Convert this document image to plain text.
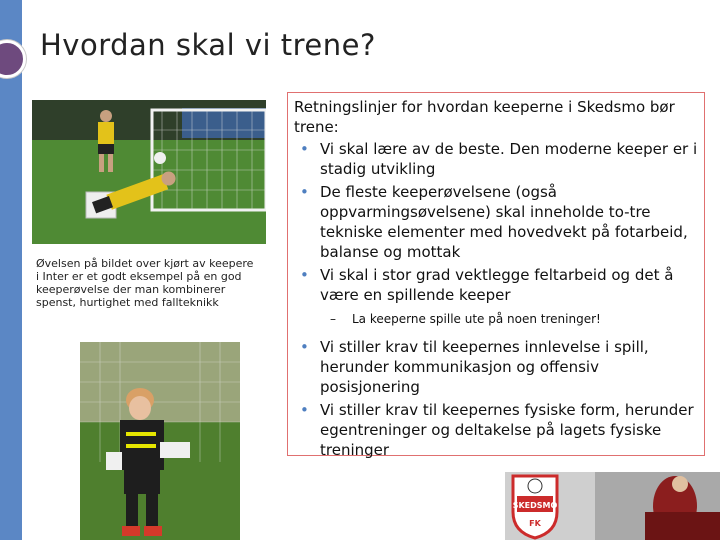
Hvordan skal vi trene?
Øvelsen på bildet over kjørt av keepere i Inter er et godt eksempel på en god keeperøvelse der man kombinerer spenst, hurtighet med fallteknikk
Retningslinjer for hvordan keeperne i Skedsmo bør trene:
• Vi skal lære av de beste. Den moderne keeper er i stadig utvikling
• De fleste keeperøvelsene (også oppvarmingsøvelsene) skal inneholde to-tre tekniske elementer med hovedvekt på fotarbeid, balanse og mottak
• Vi skal i stor grad vektlegge feltarbeid og det å være en spillende keeper
– La keeperne spille ute på noen treninger!
• Vi stiller krav til keepernes innlevelse i spill, herunder kommunikasjon og offensiv posisjonering
• Vi stiller krav til keepernes fysiske form, herunder egentreninger og deltakelse på lagets fysiske treninger
SKEDSMO
FK
